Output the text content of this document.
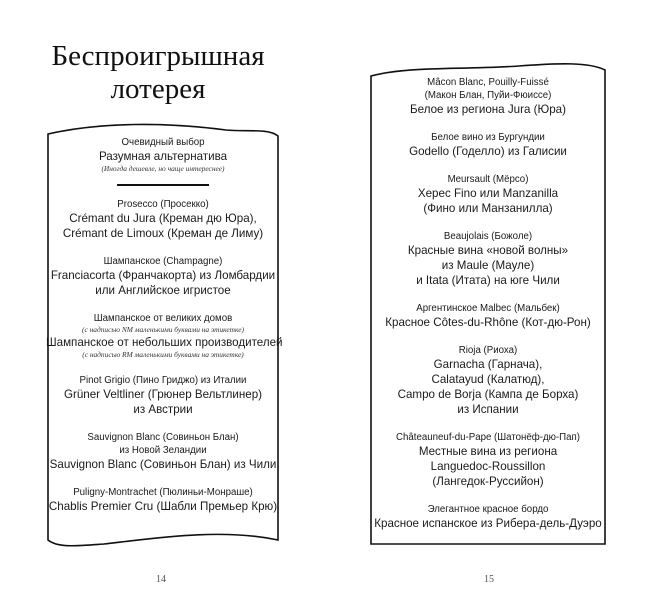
Беспроигрышная
лотерея
Очевидный выбор
Разумная альтернатива
(Иногда дешевле, но чаще интереснее)
Prosecco (Просекко)
Crémant du Jura (Креман дю Юра),
Crémant de Limoux (Креман де Лиму)
Шампанское (Champagne)
Franciacorta (Франчакорта) из Ломбардии
или Английское игристое
Шампанское от великих домов
(с надписью NM маленькими буквами на этикетке)
Шампанское от небольших производителей
(с надписью RM маленькими буквами на этикетке)
Pinot Grigio (Пино Гриджо) из Италии
Grüner Veltliner (Грюнер Вельтлинер)
из Австрии
Sauvignon Blanc (Совиньон Блан)
из Новой Зеландии
Sauvignon Blanc (Совиньон Блан) из Чили
Puligny-Montrachet (Пюлиньи-Монраше)
Chablis Premier Cru (Шабли Премьер Крю)
14
Mâcon Blanc, Pouilly-Fuissé
(Макон Блан, Пуйи-Фюиссе)
Белое из региона Jura (Юра)
Белое вино из Бургундии
Godello (Годелло) из Галисии
Meursault (Мёрсо)
Херес Fino или Manzanilla
(Фино или Манзанилла)
Beaujolais (Божоле)
Красные вина «новой волны»
из Maule (Мауле)
и Itata (Итата) на юге Чили
Аргентинское Malbec (Мальбек)
Красное Côtes-du-Rhône (Кот-дю-Рон)
Rioja (Риоха)
Garnacha (Гарнача),
Calatayud (Калатюд),
Campo de Borja (Кампа де Борха)
из Испании
Châteauneuf-du-Pape (Шатонёф-дю-Пап)
Местные вина из региона
Languedoc-Roussillon
(Лангедок-Руссийон)
Элегантное красное бордо
Красное испанское из Рибера-дель-Дуэро
15
